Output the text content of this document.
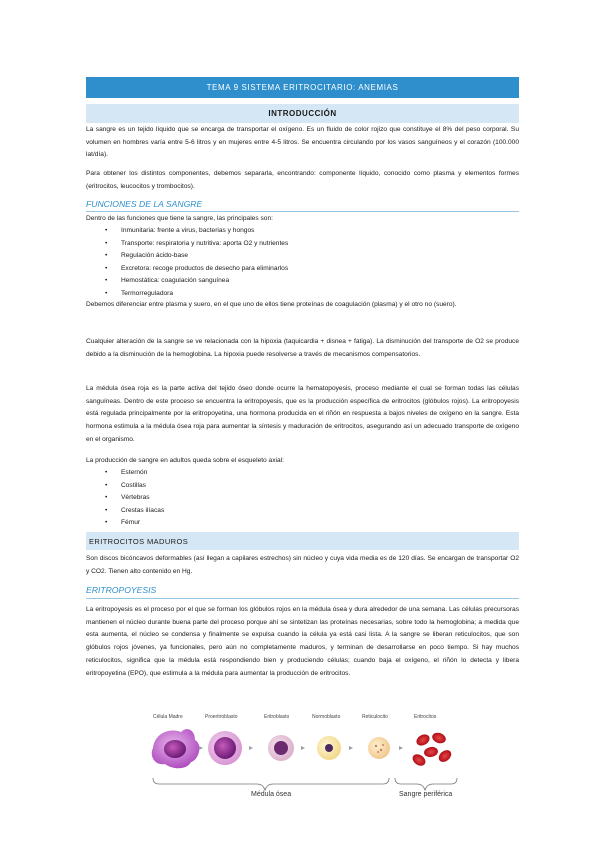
TEMA 9 SISTEMA ERITROCITARIO: ANEMIAS
INTRODUCCIÓN
La sangre es un tejido líquido que se encarga de transportar el oxígeno. Es un fluido de color rojizo que constituye el 8% del peso corporal. Su volumen en hombres varía entre 5-6 litros y en mujeres entre 4-5 litros. Se encuentra circulando por los vasos sanguíneos y el corazón (100.000 lat/día).
Para obtener los distintos componentes, debemos separarla, encontrando: componente líquido, conocido como plasma y elementos formes (eritrocitos, leucocitos y trombocitos).
FUNCIONES DE LA SANGRE
Dentro de las funciones que tiene la sangre, las principales son:
• Inmunitaria: frente a virus, bacterias y hongos
• Transporte: respiratoria y nutritiva: aporta O2 y nutrientes
• Regulación ácido-base
• Excretora: recoge productos de desecho para eliminarlos
• Hemostática: coagulación sanguínea
• Termorreguladora
Debemos diferenciar entre plasma y suero, en el que uno de ellos tiene proteínas de coagulación (plasma) y el otro no (suero).
Cualquier alteración de la sangre se ve relacionada con la hipoxia (taquicardia + disnea + fatiga). La disminución del transporte de O2 se produce debido a la disminución de la hemoglobina. La hipoxia puede resolverse a través de mecanismos compensatorios.
La médula ósea roja es la parte activa del tejido óseo donde ocurre la hematopoyesis, proceso mediante el cual se forman todas las células sanguíneas. Dentro de este proceso se encuentra la eritropoyesis, que es la producción específica de eritrocitos (glóbulos rojos). La eritropoyesis está regulada principalmente por la eritropoyetina, una hormona producida en el riñón en respuesta a bajos niveles de oxígeno en la sangre. Esta hormona estimula a la médula ósea roja para aumentar la síntesis y maduración de eritrocitos, asegurando así un adecuado transporte de oxígeno en el organismo.
La producción de sangre en adultos queda sobre el esqueleto axial:
• Esternón
• Costillas
• Vértebras
• Crestas ilíacas
• Fémur
ERITROCITOS MADUROS
Son discos bicóncavos deformables (así llegan a capilares estrechos) sin núcleo y cuya vida media es de 120 días. Se encargan de transportar O2 y CO2. Tienen alto contenido en Hg.
ERITROPOYESIS
La eritropoyesis es el proceso por el que se forman los glóbulos rojos en la médula ósea y dura alrededor de una semana. Las células precursoras mantienen el núcleo durante buena parte del proceso porque ahí se sintetizan las proteínas necesarias, sobre todo la hemoglobina; a medida que esta aumenta, el núcleo se condensa y finalmente se expulsa cuando la célula ya está casi lista. A la sangre se liberan reticulocitos, que son glóbulos rojos jóvenes, ya funcionales, pero aún no completamente maduros, y terminan de desarrollarse en poco tiempo. Si hay muchos reticulocitos, significa que la médula está respondiendo bien y produciendo células; cuando baja el oxígeno, el riñón lo detecta y libera eritropoyetina (EPO), que estimula a la médula para aumentar la producción de eritrocitos.
Célula Madre	Proeritroblasto	Eritroblasto	Normoblasto	Reticulocito	Eritrocitos
Médula ósea	Sangre periférica
